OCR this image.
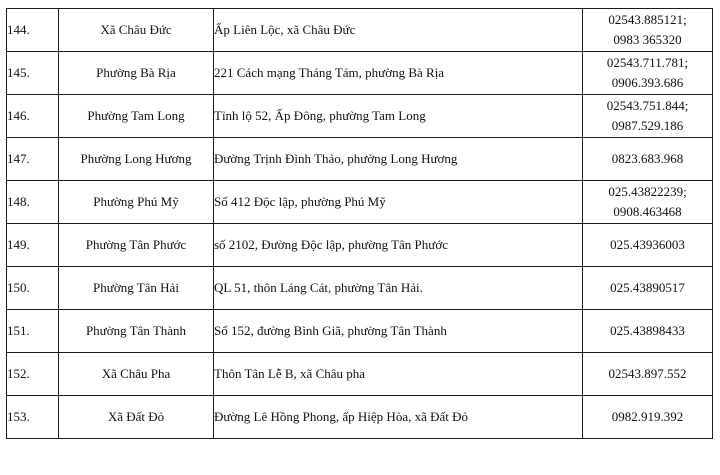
144.	Xã Châu Đức	Ấp Liên Lộc, xã Châu Đức	02543.885121;
0983 365320

145.	Phường Bà Rịa	221 Cách mạng Tháng Tám, phường Bà Rịa	02543.711.781;
0906.393.686

146.	Phường Tam Long	Tỉnh lộ 52, Ấp Đông, phường Tam Long	02543.751.844;
0987.529.186

147.	Phường Long Hương	Đường Trịnh Đình Thảo, phường Long Hương	0823.683.968

148.	Phường Phú Mỹ	Số 412 Độc lập, phường Phú Mỹ	025.43822239;
0908.463468

149.	Phường Tân Phước	số 2102, Đường Độc lập, phường Tân Phước	025.43936003

150.	Phường Tân Hải	QL 51, thôn Láng Cát, phường Tân Hải.	025.43890517

151.	Phường Tân Thành	Số 152, đường Bình Giã, phường Tân Thành	025.43898433

152.	Xã Châu Pha	Thôn Tân Lễ B, xã Châu pha	02543.897.552

153.	Xã Đất Đỏ	Đường Lê Hồng Phong, ấp Hiệp Hòa, xã Đất Đỏ	0982.919.392
